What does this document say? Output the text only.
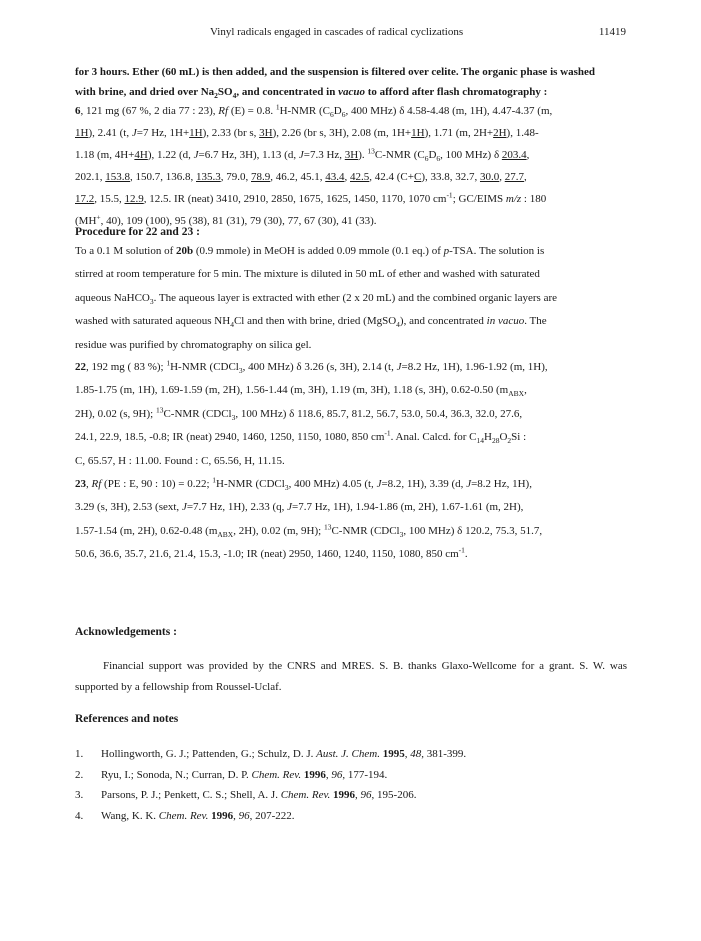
Vinyl radicals engaged in cascades of radical cyclizations	11419

for 3 hours. Ether (60 mL) is then added, and the suspension is filtered over celite. The organic phase is washed

with brine, and dried over $Na_2SO_4$, and concentrated in vacuo to afford after flash chromatography :

6, 121 mg (67 %, 2 dia 77 : 23), Rf (E) = 0.8. $^1$H-NMR ($C_6D_6$, 400 MHz) δ 4.58-4.48 (m, 1H), 4.47-4.37 (m,

1H), 2.41 (t, J=7 Hz, 1H+1H), 2.33 (br s, 3H), 2.26 (br s, 3H), 2.08 (m, 1H+1H), 1.71 (m, 2H+2H), 1.48-

1.18 (m, 4H+4H), 1.22 (d, J=6.7 Hz, 3H), 1.13 (d, J=7.3 Hz, 3H). $^{13}$C-NMR ($C_6D_6$, 100 MHz) δ 203.4,

202.1, 153.8, 150.7, 136.8, 135.3, 79.0, 78.9, 46.2, 45.1, 43.4, 42.5, 42.4 (C+C), 33.8, 32.7, 30.0, 27.7,

17.2, 15.5, 12.9, 12.5. IR (neat) 3410, 2910, 2850, 1675, 1625, 1450, 1170, 1070 $cm^{-1}$; GC/EIMS m/z : 180

(MH+, 40), 109 (100), 95 (38), 81 (31), 79 (30), 77, 67 (30), 41 (33).

Procedure for 22 and 23 :

To a 0.1 M solution of 20b (0.9 mmole) in MeOH is added 0.09 mmole (0.1 eq.) of p-TSA. The solution is

stirred at room temperature for 5 min. The mixture is diluted in 50 mL of ether and washed with saturated

aqueous NaHCO$_3$. The aqueous layer is extracted with ether (2 x 20 mL) and the combined organic layers are

washed with saturated aqueous $NH_4Cl$ and then with brine, dried (MgSO$_4$), and concentrated in vacuo. The

residue was purified by chromatography on silica gel.

22, 192 mg ( 83 %); $^1$H-NMR (CDCl$_3$, 400 MHz) δ 3.26 (s, 3H), 2.14 (t, J=8.2 Hz, 1H), 1.96-1.92 (m, 1H),

1.85-1.75 (m, 1H), 1.69-1.59 (m, 2H), 1.56-1.44 (m, 3H), 1.19 (m, 3H), 1.18 (s, 3H), 0.62-0.50 ($m_{ABX}$,

2H), 0.02 (s, 9H); $^{13}$C-NMR (CDCl$_3$, 100 MHz) δ 118.6, 85.7, 81.2, 56.7, 53.0, 50.4, 36.3, 32.0, 27.6,

24.1, 22.9, 18.5, -0.8; IR (neat) 2940, 1460, 1250, 1150, 1080, 850 $cm^{-1}$. Anal. Calcd. for $C_{14}H_{28}O_2Si$ :

C, 65.57, H : 11.00. Found : C, 65.56, H, 11.15.

23, Rf (PE : E, 90 : 10) = 0.22; $^1$H-NMR (CDCl$_3$, 400 MHz) 4.05 (t, J=8.2, 1H), 3.39 (d, J=8.2 Hz, 1H),

3.29 (s, 3H), 2.53 (sext, J=7.7 Hz, 1H), 2.33 (q, J=7.7 Hz, 1H), 1.94-1.86 (m, 2H), 1.67-1.61 (m, 2H),

1.57-1.54 (m, 2H), 0.62-0.48 ($m_{ABX}$, 2H), 0.02 (m, 9H); $^{13}$C-NMR (CDCl$_3$, 100 MHz) δ 120.2, 75.3, 51.7,

50.6, 36.6, 35.7, 21.6, 21.4, 15.3, -1.0; IR (neat) 2950, 1460, 1240, 1150, 1080, 850 $cm^{-1}$.

Acknowledgements :

Financial support was provided by the CNRS and MRES. S. B. thanks Glaxo-Wellcome for a grant. S. W. was supported by a fellowship from Roussel-Uclaf.

References and notes
1. Hollingworth, G. J.; Pattenden, G.; Schulz, D. J. Aust. J. Chem. 1995, 48, 381-399.
2. Ryu, I.; Sonoda, N.; Curran, D. P. Chem. Rev. 1996, 96, 177-194.
3. Parsons, P. J.; Penkett, C. S.; Shell, A. J. Chem. Rev. 1996, 96, 195-206.
4. Wang, K. K. Chem. Rev. 1996, 96, 207-222.
